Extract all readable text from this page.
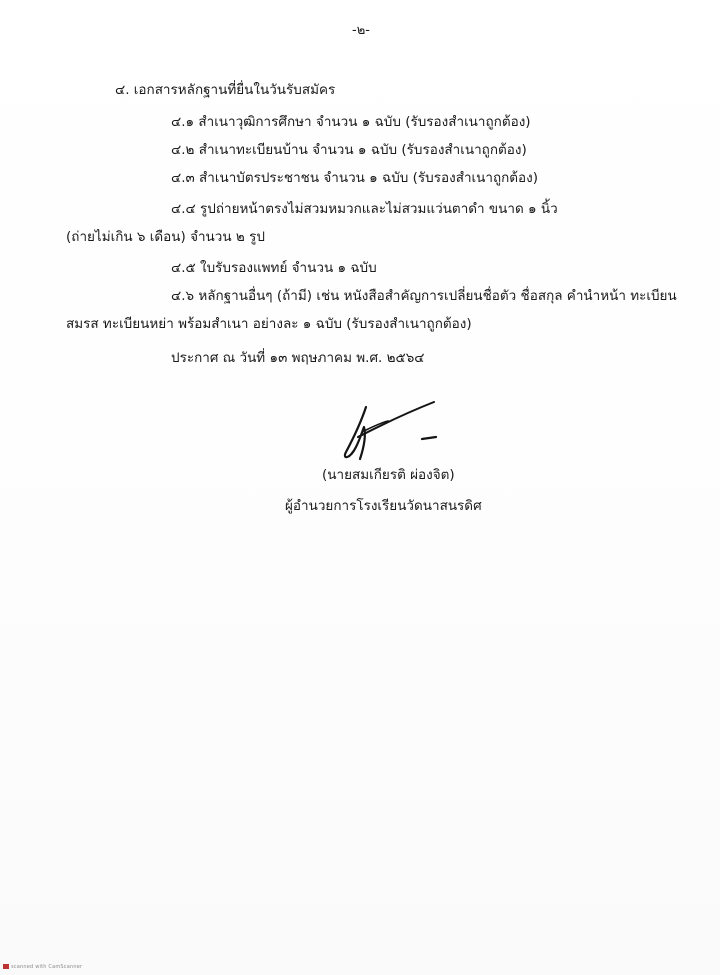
-๒-
๔. เอกสารหลักฐานที่ยื่นในวันรับสมัคร
๔.๑ สำเนาวุฒิการศึกษา จำนวน ๑ ฉบับ (รับรองสำเนาถูกต้อง)
๔.๒ สำเนาทะเบียนบ้าน จำนวน ๑ ฉบับ (รับรองสำเนาถูกต้อง)
๔.๓ สำเนาบัตรประชาชน จำนวน ๑ ฉบับ (รับรองสำเนาถูกต้อง)
๔.๔ รูปถ่ายหน้าตรงไม่สวมหมวกและไม่สวมแว่นตาดำ ขนาด ๑ นิ้ว
(ถ่ายไม่เกิน ๖ เดือน) จำนวน ๒ รูป
๔.๕ ใบรับรองแพทย์ จำนวน ๑ ฉบับ
๔.๖ หลักฐานอื่นๆ (ถ้ามี) เช่น หนังสือสำคัญการเปลี่ยนชื่อตัว ชื่อสกุล คำนำหน้า ทะเบียน
สมรส ทะเบียนหย่า พร้อมสำเนา อย่างละ ๑ ฉบับ (รับรองสำเนาถูกต้อง)
ประกาศ ณ วันที่ ๑๓ พฤษภาคม พ.ศ. ๒๕๖๔
(นายสมเกียรติ ผ่องจิต)
ผู้อำนวยการโรงเรียนวัดนาสนรดิศ
scanned with CamScanner
